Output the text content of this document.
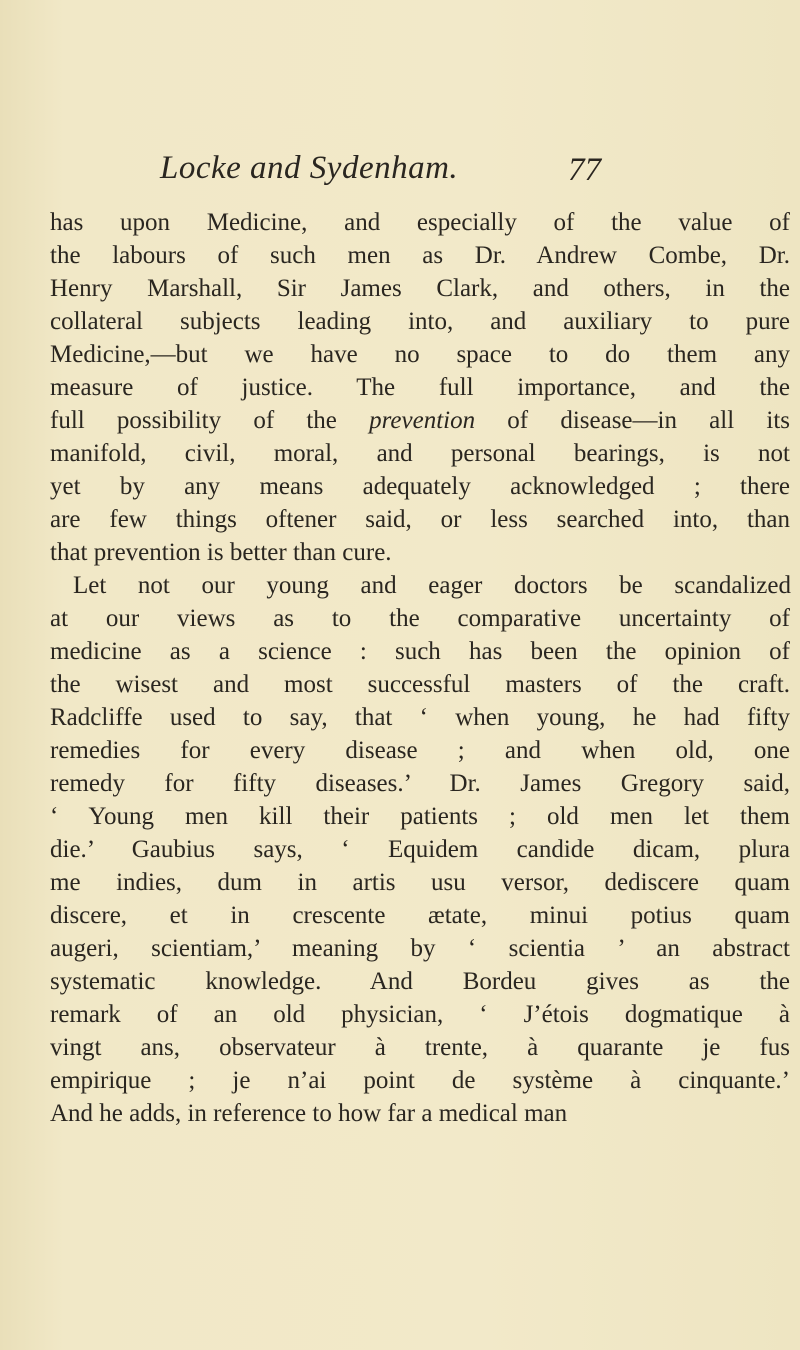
Locke and Sydenham.	77
has upon Medicine, and especially of the value of
the labours of such men as Dr. Andrew Combe, Dr.
Henry Marshall, Sir James Clark, and others, in the
collateral subjects leading into, and auxiliary to pure
Medicine,—but we have no space to do them any
measure of justice. The full importance, and the
full possibility of the prevention of disease—in all its
manifold, civil, moral, and personal bearings, is not
yet by any means adequately acknowledged ; there
are few things oftener said, or less searched into, than
that prevention is better than cure.
Let not our young and eager doctors be scandalized
at our views as to the comparative uncertainty of
medicine as a science : such has been the opinion of
the wisest and most successful masters of the craft.
Radcliffe used to say, that ‘ when young, he had fifty
remedies for every disease ; and when old, one
remedy for fifty diseases.’ Dr. James Gregory said,
‘ Young men kill their patients ; old men let them
die.’ Gaubius says, ‘ Equidem candide dicam, plura
me indies, dum in artis usu versor, dediscere quam
discere, et in crescente ætate, minui potius quam
augeri, scientiam,’ meaning by ‘ scientia ’ an abstract
systematic knowledge. And Bordeu gives as the
remark of an old physician, ‘ J’étois dogmatique à
vingt ans, observateur à trente, à quarante je fus
empirique ; je n’ai point de système à cinquante.’
And he adds, in reference to how far a medical man
